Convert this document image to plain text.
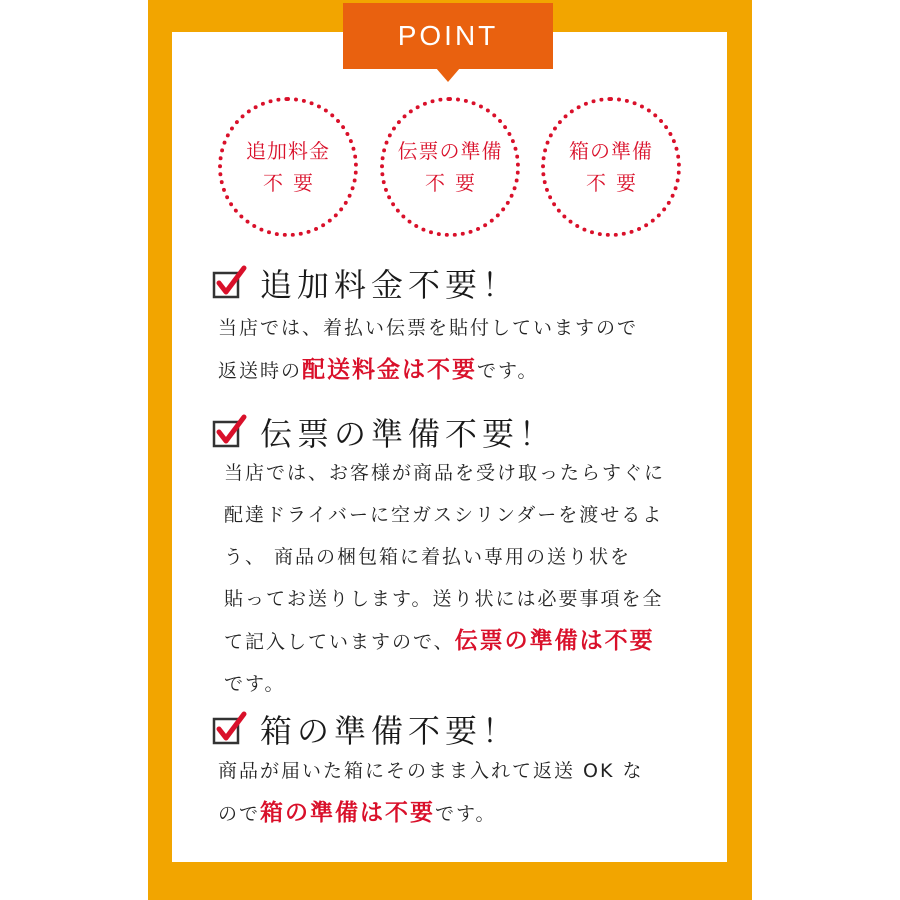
POINT
追加料金
不要
伝票の準備
不要
箱の準備
不要
追加料金不要！
当店では、着払い伝票を貼付していますので
返送時の配送料金は不要です。
伝票の準備不要！
当店では、お客様が商品を受け取ったらすぐに
配達ドライバーに空ガスシリンダーを渡せるよ
う、 商品の梱包箱に着払い専用の送り状を
貼ってお送りします。送り状には必要事項を全
て記入していますので、伝票の準備は不要
です。
箱の準備不要！
商品が届いた箱にそのまま入れて返送 OK な
ので箱の準備は不要です。
